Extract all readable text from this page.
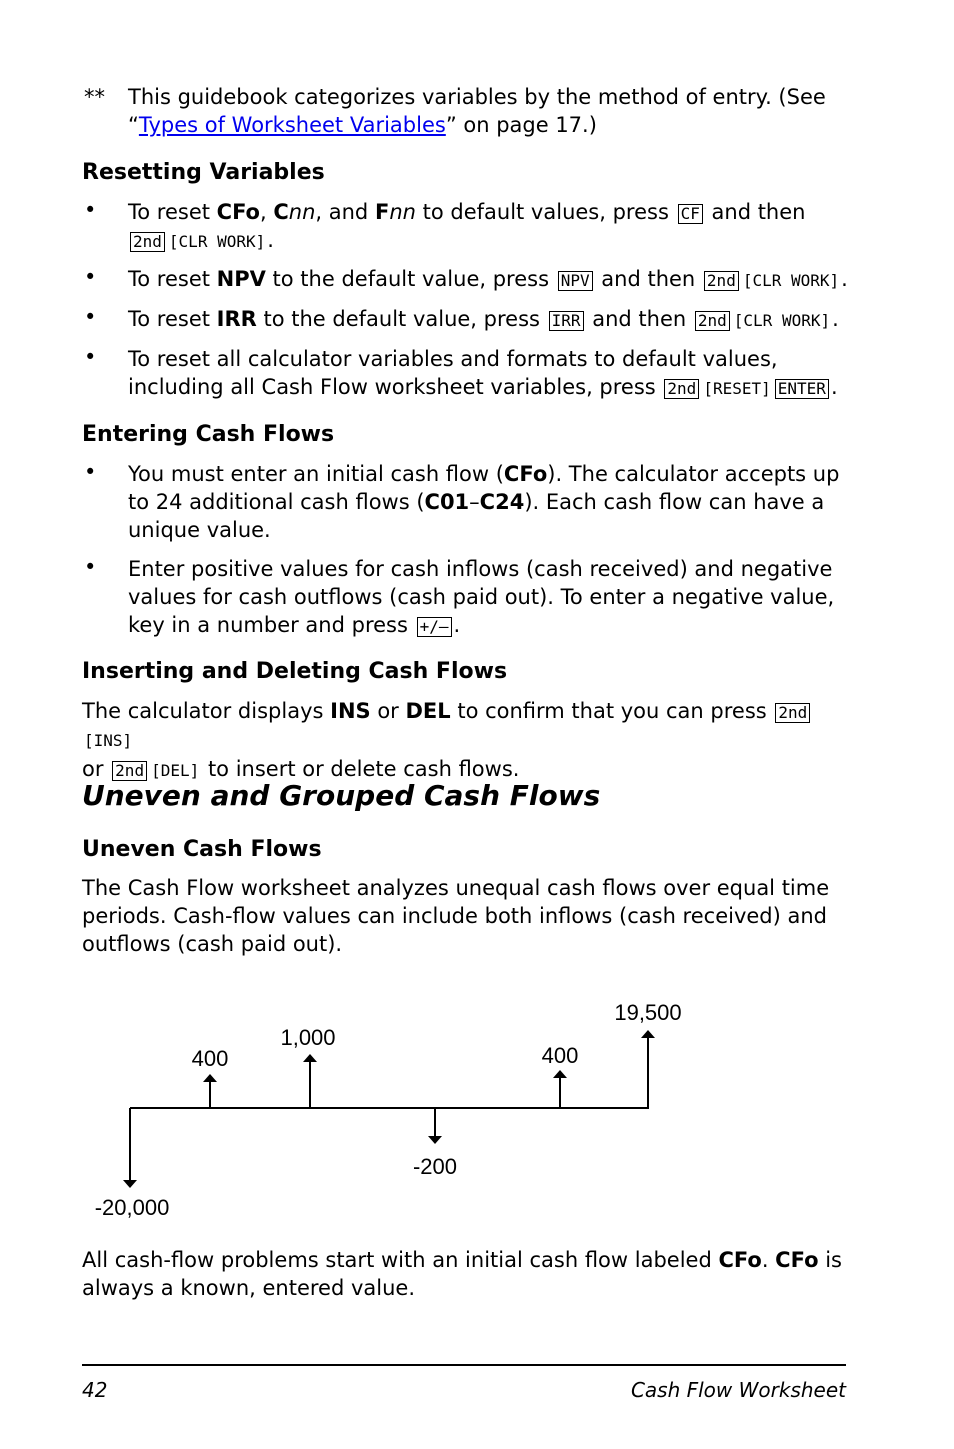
** This guidebook categorizes variables by the method of entry. (See
“Types of Worksheet Variables” on page 17.)
Resetting Variables
• To reset CFo, Cnn, and Fnn to default values, press CF and then
2nd [CLR WORK].
• To reset NPV to the default value, press NPV and then 2nd [CLR WORK].
• To reset IRR to the default value, press IRR and then 2nd [CLR WORK].
• To reset all calculator variables and formats to default values,
including all Cash Flow worksheet variables, press 2nd [RESET] ENTER .
Entering Cash Flows
• You must enter an initial cash flow (CFo). The calculator accepts up
to 24 additional cash flows (C01–C24). Each cash flow can have a
unique value.
• Enter positive values for cash inflows (cash received) and negative
values for cash outflows (cash paid out). To enter a negative value,
key in a number and press +/– .
Inserting and Deleting Cash Flows
The calculator displays INS or DEL to confirm that you can press 2nd[INS]
or 2nd [DEL] to insert or delete cash flows.
Uneven and Grouped Cash Flows
Uneven Cash Flows
The Cash Flow worksheet analyzes unequal cash flows over equal time
periods. Cash-flow values can include both inflows (cash received) and
outflows (cash paid out).
-20,000
400
1,000
-200
400
19,500
All cash-flow problems start with an initial cash flow labeled CFo. CFo is
always a known, entered value.
42	Cash Flow Worksheet
